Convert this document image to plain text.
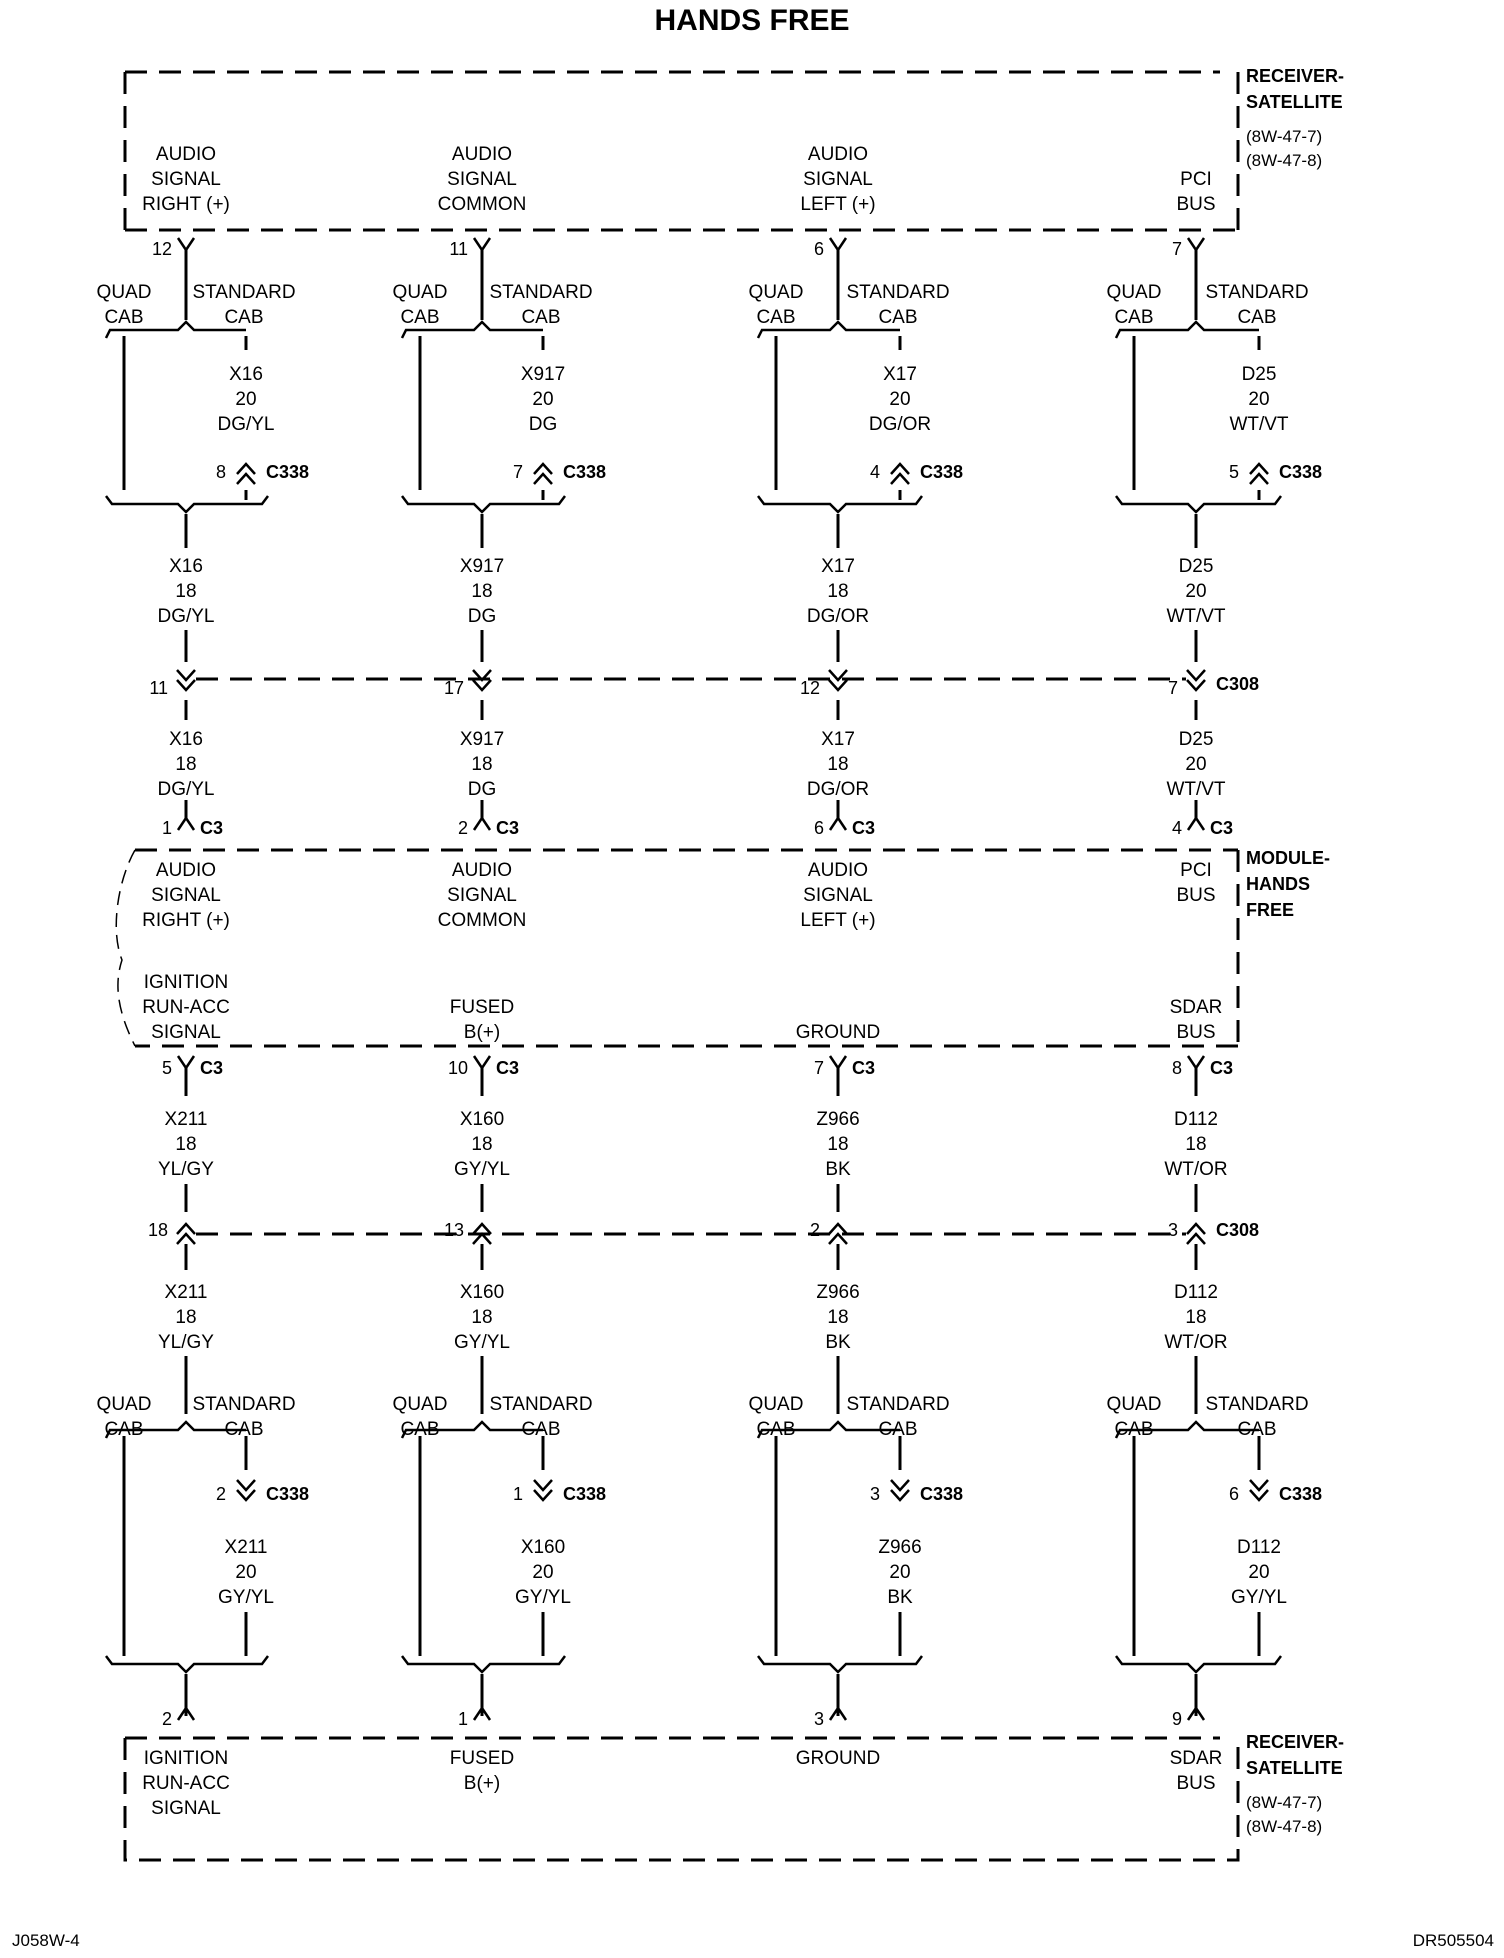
HANDS FREE
RECEIVER-
SATELLITE
(8W-47-7)
(8W-47-8)
AUDIO
SIGNAL
RIGHT (+)
12
AUDIO
SIGNAL
COMMON
11
AUDIO
SIGNAL
LEFT (+)
6
PCI
BUS
7
QUAD
CAB
STANDARD
CAB
X16
20
DG/YL
8 C338
X16
18
DG/YL
11
X16
18
DG/YL
1 C3
QUAD
CAB
STANDARD
CAB
X917
20
DG
7 C338
X917
18
DG
17
X917
18
DG
2 C3
QUAD
CAB
STANDARD
CAB
X17
20
DG/OR
4 C338
X17
18
DG/OR
12
X17
18
DG/OR
6 C3
QUAD
CAB
STANDARD
CAB
D25
20
WT/VT
5 C338
D25
20
WT/VT
7
D25
20
WT/VT
4 C3
C308
MODULE-
HANDS
FREE
AUDIO
SIGNAL
RIGHT (+)
AUDIO
SIGNAL
COMMON
AUDIO
SIGNAL
LEFT (+)
PCI
BUS
IGNITION
RUN-ACC
SIGNAL
FUSED
B(+)	GROUND
SDAR
BUS
5 C3
X211
18
YL/GY
18
X211
18
YL/GY
QUAD
CAB
STANDARD
CAB
2 C338
X211
20
GY/YL
2
10 C3
X160
18
GY/YL
13
X160
18
GY/YL
QUAD
CAB
STANDARD
CAB
1 C338
X160
20
GY/YL
1
7 C3
Z966
18
BK
2
Z966
18
BK
QUAD
CAB
STANDARD
CAB
3 C338
Z966
20
BK
3
8 C3
D112
18
WT/OR
3
D112
18
WT/OR
QUAD
CAB
STANDARD
CAB
6 C338
D112
20
GY/YL
9
C308
RECEIVER-
SATELLITE
(8W-47-7)
(8W-47-8)
IGNITION
RUN-ACC
SIGNAL
FUSED
B(+)
GROUND	SDAR
BUS
J058W-4	DR505504
